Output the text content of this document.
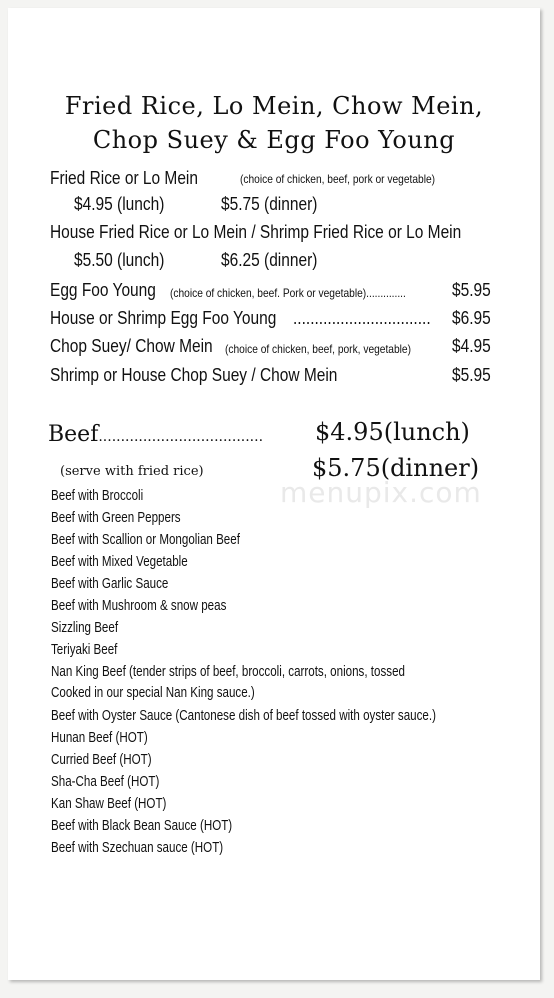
menupix.com
Fried Rice, Lo Mein, Chow Mein,
Chop Suey & Egg Foo Young
Fried Rice or Lo Mein	(choice of chicken, beef, pork or vegetable)
$4.95 (lunch)	$5.75 (dinner)
House Fried Rice or Lo Mein / Shrimp Fried Rice or Lo Mein
$5.50 (lunch)	$6.25 (dinner)
Egg Foo Young	(choice of chicken, beef. Pork or vegetable)..............	$5.95
House or Shrimp Egg Foo Young ................................	$6.95
Chop Suey/ Chow Mein	(choice of chicken, beef, pork, vegetable) $4.95
Shrimp or House Chop Suey / Chow Mein	$5.95
Beef..................................... $4.95(lunch)
(serve with fried rice)	$5.75(dinner)
Beef with Broccoli
Beef with Green Peppers
Beef with Scallion or Mongolian Beef
Beef with Mixed Vegetable
Beef with Garlic Sauce
Beef with Mushroom & snow peas
Sizzling Beef
Teriyaki Beef
Nan King Beef (tender strips of beef, broccoli, carrots, onions, tossed
Cooked in our special Nan King sauce.)
Beef with Oyster Sauce (Cantonese dish of beef tossed with oyster sauce.)
Hunan Beef (HOT)
Curried Beef (HOT)
Sha-Cha Beef (HOT)
Kan Shaw Beef (HOT)
Beef with Black Bean Sauce (HOT)
Beef with Szechuan sauce (HOT)
